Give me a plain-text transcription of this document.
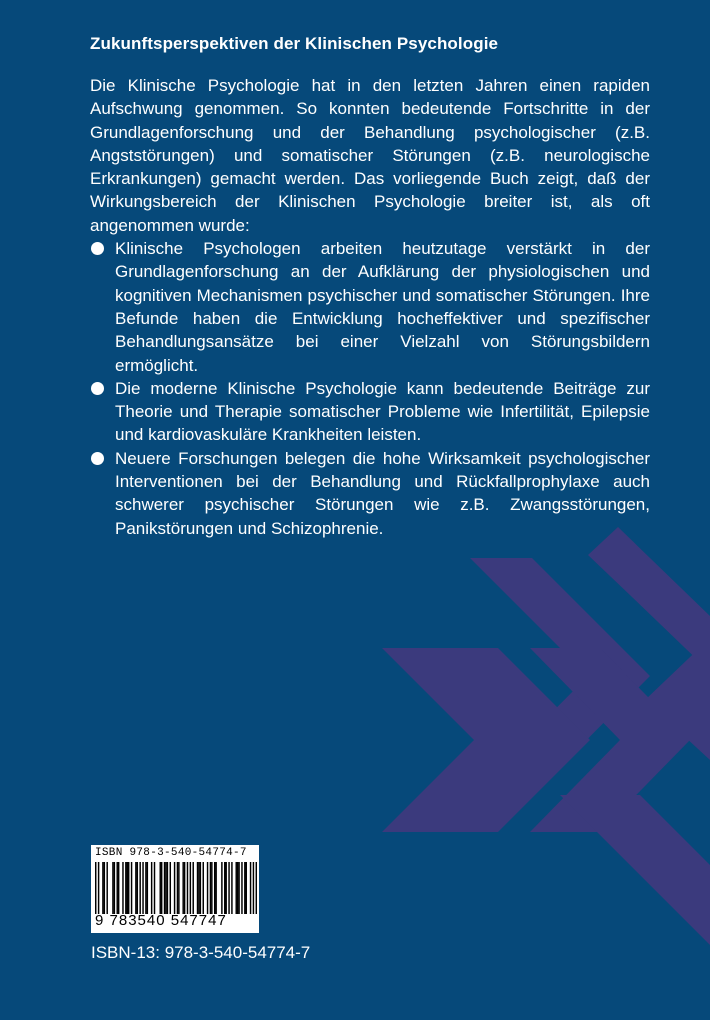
Zukunftsperspektiven der Klinischen Psychologie

Die Klinische Psychologie hat in den letzten Jahren einen rapiden Aufschwung genommen. So konnten bedeutende Fortschritte in der Grundlagenforschung und der Behandlung psychologischer (z.B. Angststörungen) und somatischer Störungen (z.B. neurologische Erkrankungen) gemacht werden. Das vorliegende Buch zeigt, daß der Wirkungsbereich der Klinischen Psychologie breiter ist, als oft angenommen wurde:

Klinische Psychologen arbeiten heutzutage verstärkt in der Grundlagenforschung an der Aufklärung der physiologischen und kognitiven Mechanismen psychischer und somatischer Störungen. Ihre Befunde haben die Entwicklung hocheffektiver und spezifischer Behandlungsansätze bei einer Vielzahl von Störungsbildern ermöglicht.
Die moderne Klinische Psychologie kann bedeutende Beiträge zur Theorie und Therapie somatischer Probleme wie Infertilität, Epilepsie und kardiovaskuläre Krankheiten leisten.
Neuere Forschungen belegen die hohe Wirksamkeit psychologischer Interventionen bei der Behandlung und Rückfallprophylaxe auch schwerer psychischer Störungen wie z.B. Zwangsstörungen, Panikstörungen und Schizophrenie.
ISBN 978-3-540-54774-7
9 783540 547747
ISBN-13: 978-3-540-54774-7
